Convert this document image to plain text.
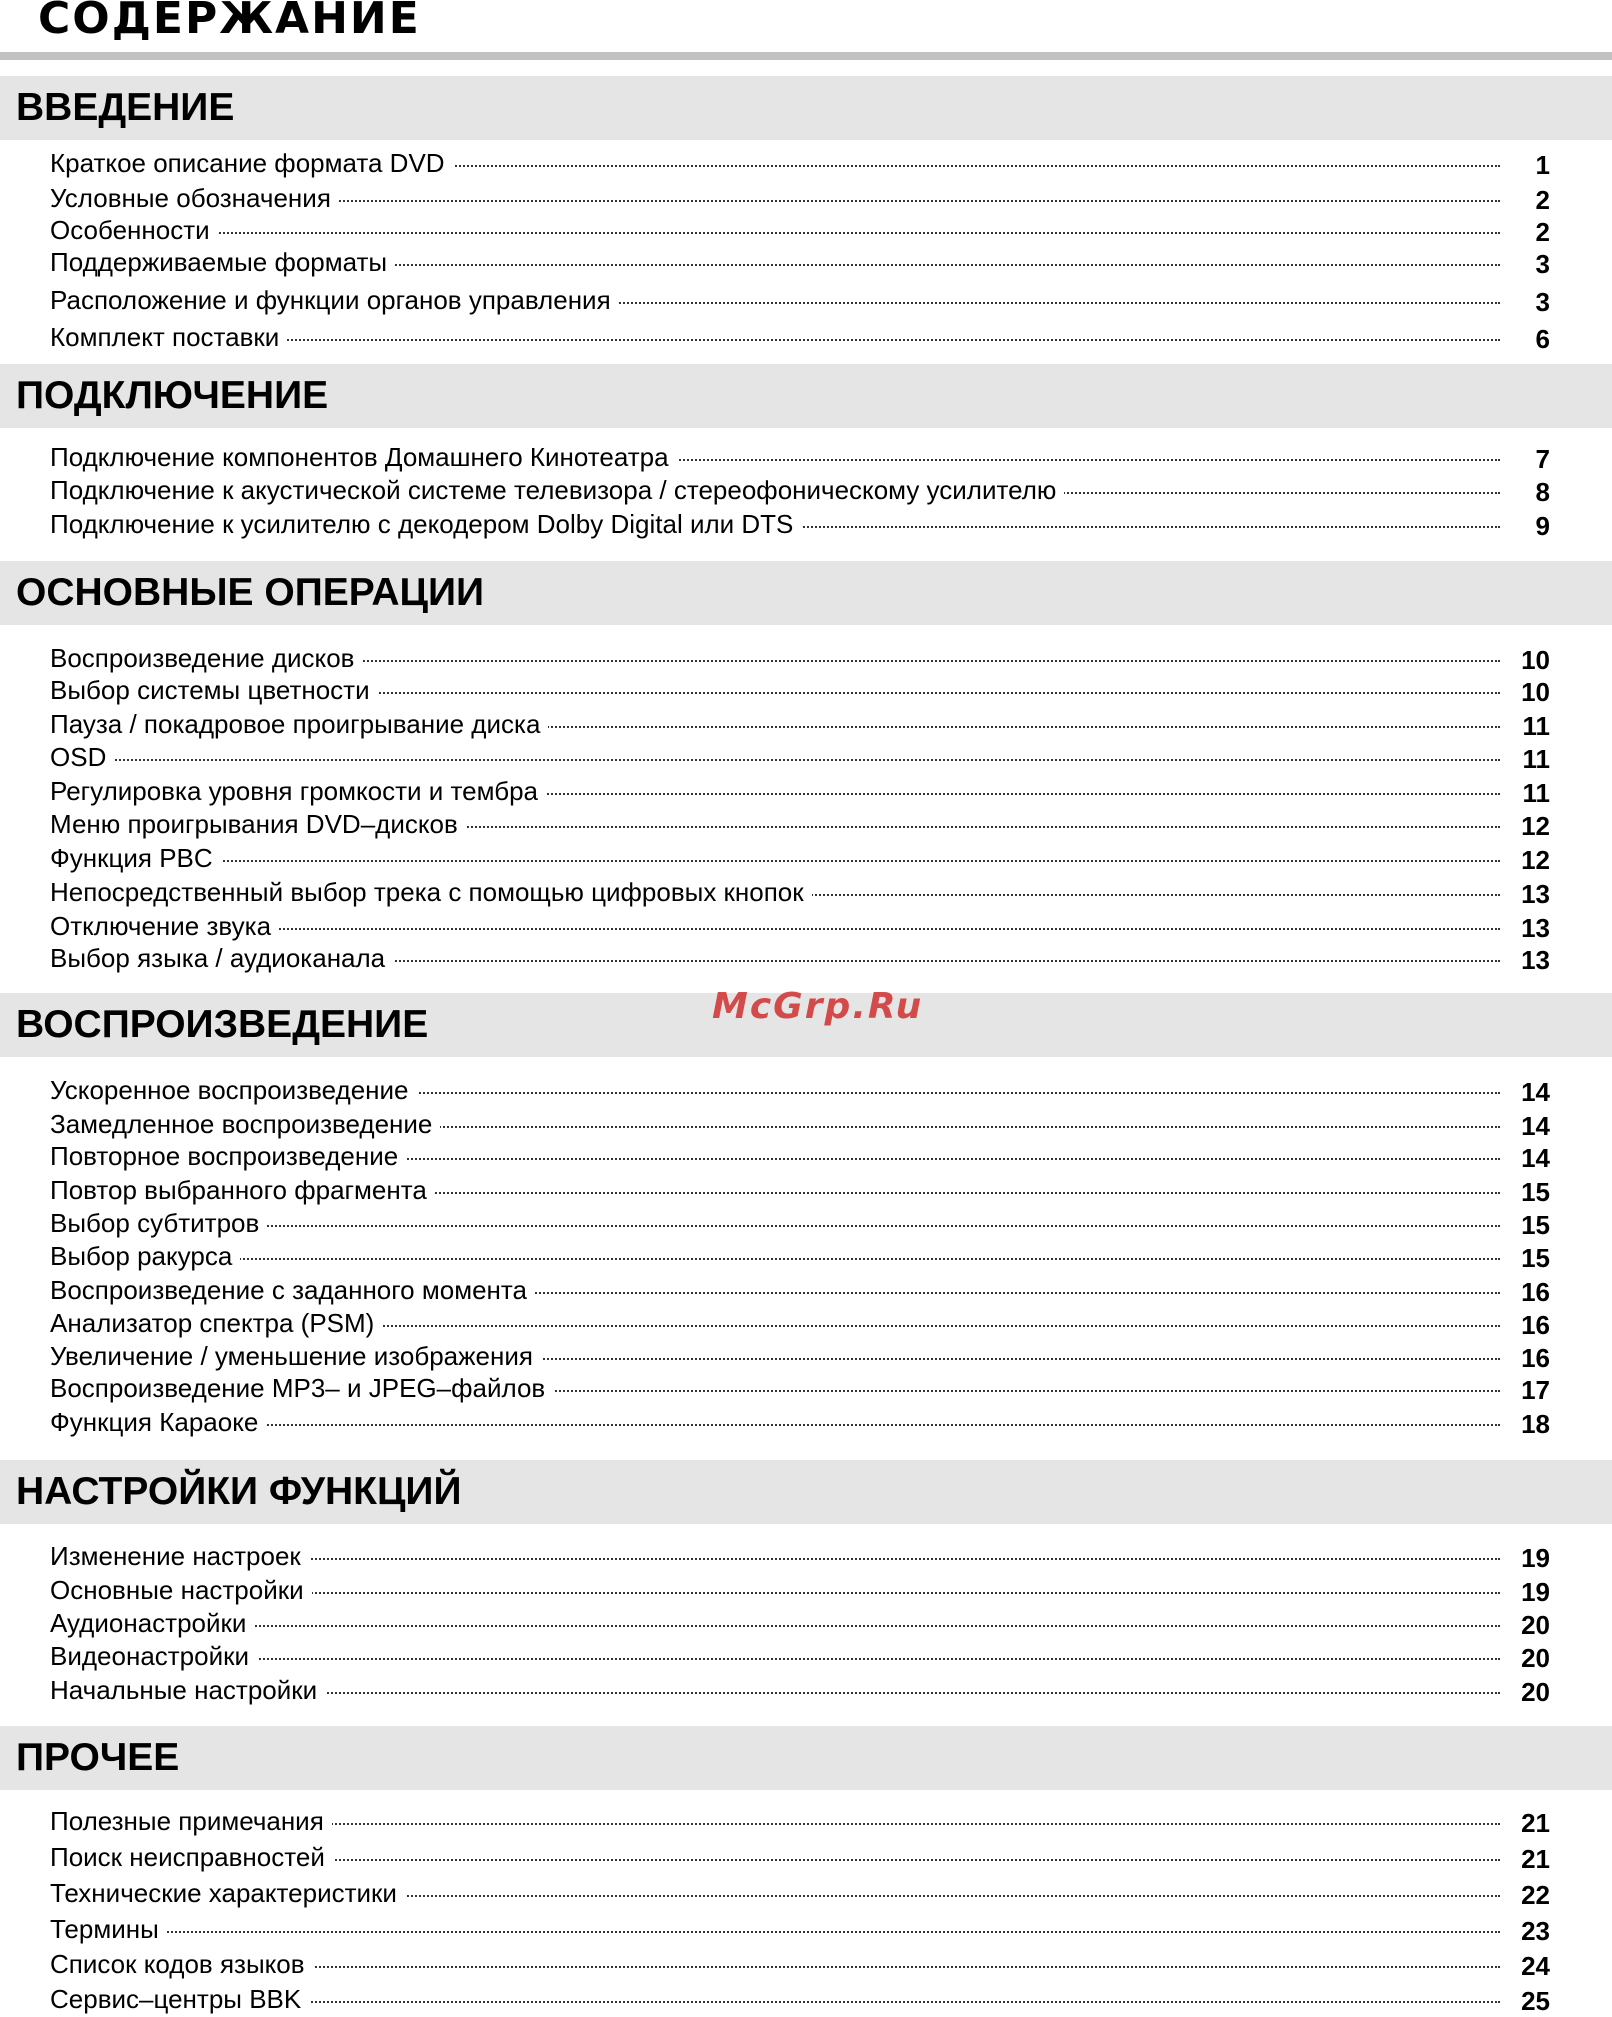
СОДЕРЖАНИЕ
ВВЕДЕНИЕ
Краткое описание формата DVD	1
Условные обозначения	2
Особенности	2
Поддерживаемые форматы	3
Расположение и функции органов управления	3
Комплект поставки	6
ПОДКЛЮЧЕНИЕ
Подключение компонентов Домашнего Кинотеатра	7
Подключение к акустической системе телевизора / стереофоническому усилителю	8
Подключение к усилителю с декодером Dolby Digital или DTS	9
ОСНОВНЫЕ ОПЕРАЦИИ
Воспроизведение дисков	10
Выбор системы цветности	10
Пауза / покадровое проигрывание диска	11
OSD	11
Регулировка уровня громкости и тембра	11
Меню проигрывания DVD–дисков	12
Функция PBC	12
Непосредственный выбор трека с помощью цифровых кнопок	13
Отключение звука	13
Выбор языка / аудиоканала	13
ВОСПРОИЗВЕДЕНИЕ	McGrp.Ru
Ускоренное воспроизведение	14
Замедленное воспроизведение	14
Повторное воспроизведение	14
Повтор выбранного фрагмента	15
Выбор субтитров	15
Выбор ракурса	15
Воспроизведение с заданного момента	16
Анализатор спектра (PSM)	16
Увеличение / уменьшение изображения	16
Воспроизведение MP3– и JPEG–файлов	17
Функция Караоке	18
НАСТРОЙКИ ФУНКЦИЙ
Изменение настроек	19
Основные настройки	19
Аудионастройки	20
Видеонастройки	20
Начальные настройки	20
ПРОЧЕЕ
Полезные примечания	21
Поиск неисправностей	21
Технические характеристики	22
Термины	23
Список кодов языков	24
Сервис–центры BBK	25
